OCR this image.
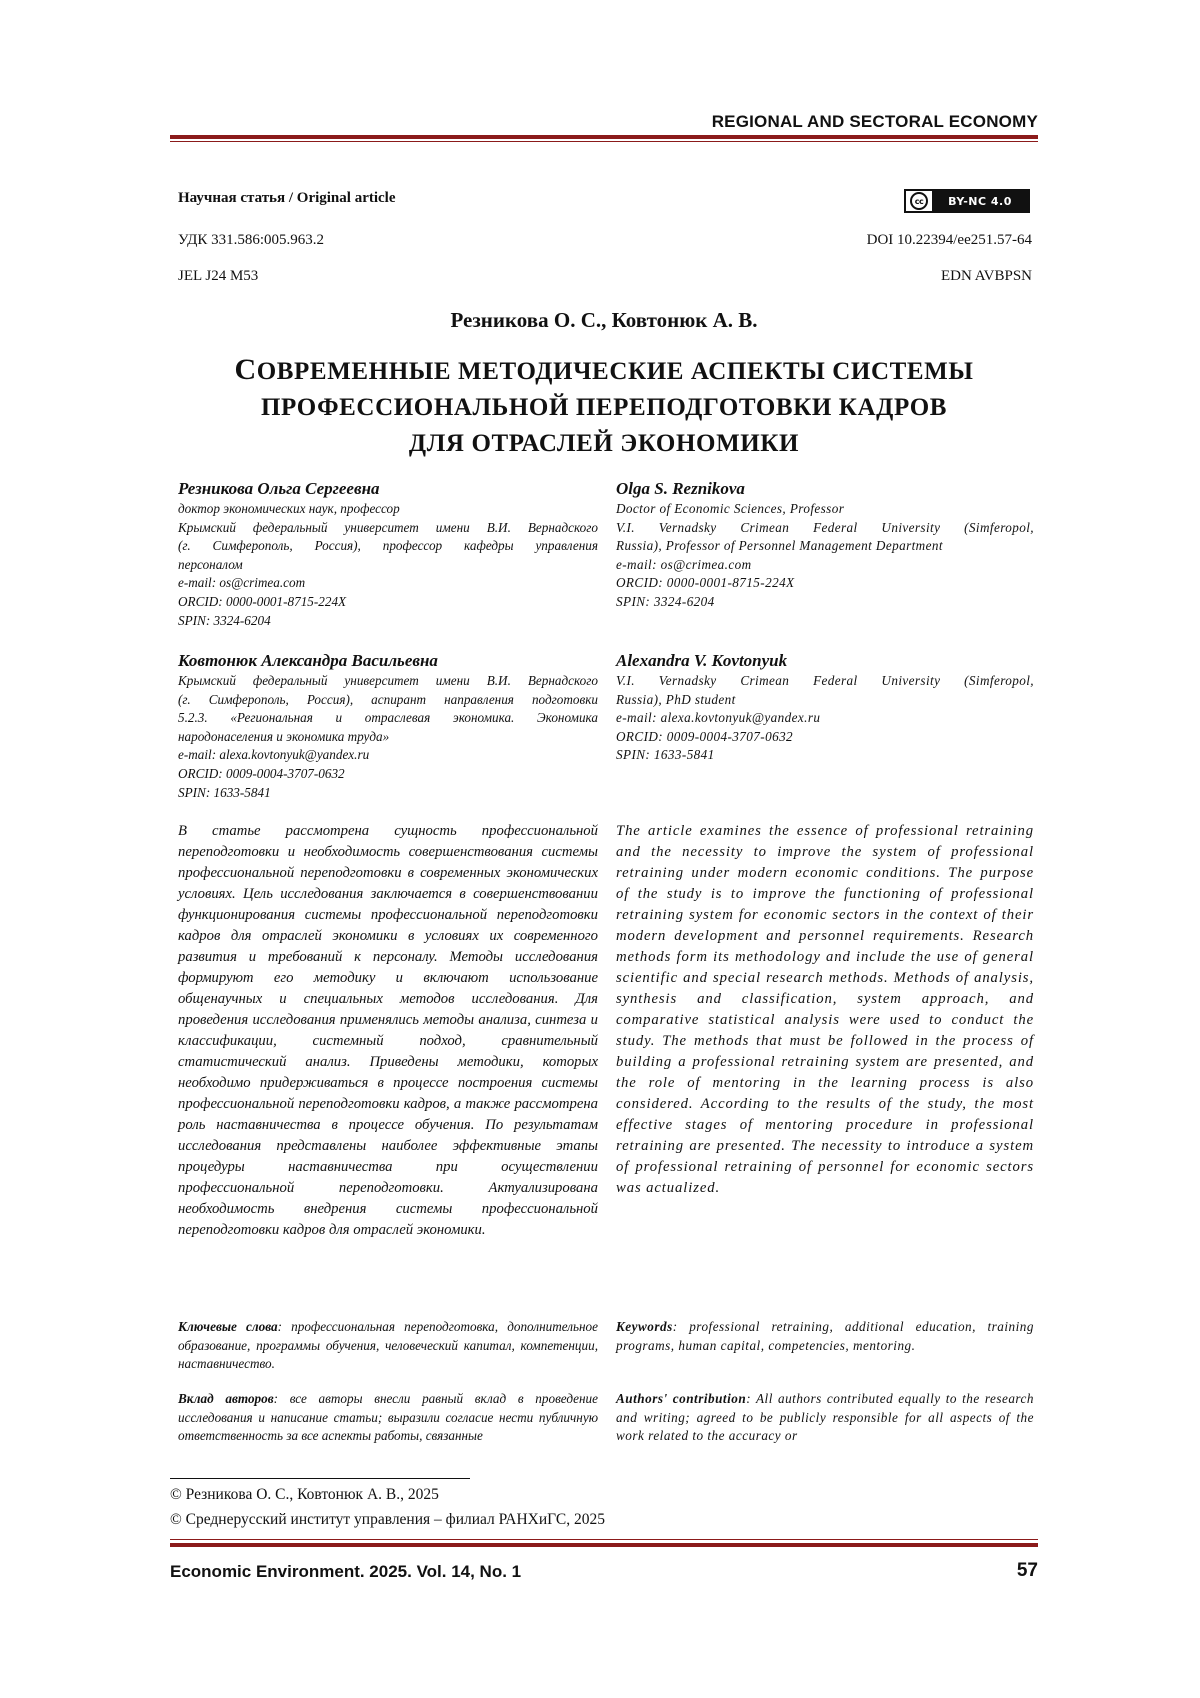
REGIONAL AND SECTORAL ECONOMY
Научная статья / Original article	cc	BY-NC 4.0
УДК 331.586:005.963.2	DOI 10.22394/ee251.57-64
JEL J24 M53	EDN AVBPSN
Резникова О. С., Ковтонюк А. В.
СОВРЕМЕННЫЕ МЕТОДИЧЕСКИЕ АСПЕКТЫ СИСТЕМЫ
ПРОФЕССИОНАЛЬНОЙ ПЕРЕПОДГОТОВКИ КАДРОВ
ДЛЯ ОТРАСЛЕЙ ЭКОНОМИКИ
Резникова Ольга Сергеевна
доктор экономических наук, профессор
Крымский федеральный университет имени В.И. Вернадского
(г. Симферополь, Россия), профессор кафедры управления
персоналом
e-mail: os@crimea.com
ORCID: 0000-0001-8715-224X
SPIN: 3324-6204
Olga S. Reznikova
Doctor of Economic Sciences, Professor
V.I. Vernadsky Crimean Federal University (Simferopol,
Russia), Professor of Personnel Management Department
e-mail: os@crimea.com
ORCID: 0000-0001-8715-224X
SPIN: 3324-6204
Ковтонюк Александра Васильевна
Крымский федеральный университет имени В.И. Вернадского
(г. Симферополь, Россия), аспирант направления подготовки
5.2.3. «Региональная и отраслевая экономика. Экономика
народонаселения и экономика труда»
e-mail: alexa.kovtonyuk@yandex.ru
ORCID: 0009-0004-3707-0632
SPIN: 1633-5841
Alexandra V. Kovtonyuk
V.I. Vernadsky Crimean Federal University (Simferopol,
Russia), PhD student
e-mail: alexa.kovtonyuk@yandex.ru
ORCID: 0009-0004-3707-0632
SPIN: 1633-5841
В статье рассмотрена сущность профессиональной переподготовки и необходимость совершенствования системы профессиональной переподготовки в современных экономических условиях. Цель исследования заключается в совершенствовании функционирования системы профессиональной переподготовки кадров для отраслей экономики в условиях их современного развития и требований к персоналу. Методы исследования формируют его методику и включают использование общенаучных и специальных методов исследования. Для проведения исследования применялись методы анализа, синтеза и классификации, системный подход, сравнительный статистический анализ. Приведены методики, которых необходимо придерживаться в процессе построения системы профессиональной переподготовки кадров, а также рассмотрена роль наставничества в процессе обучения. По результатам исследования представлены наиболее эффективные этапы процедуры наставничества при осуществлении профессиональной переподготовки. Актуализирована необходимость внедрения системы профессиональной переподготовки кадров для отраслей экономики.
The article examines the essence of professional retraining and the necessity to improve the system of professional retraining under modern economic conditions. The purpose of the study is to improve the functioning of professional retraining system for economic sectors in the context of their modern development and personnel requirements. Research methods form its methodology and include the use of general scientific and special research methods. Methods of analysis, synthesis and classification, system approach, and comparative statistical analysis were used to conduct the study. The methods that must be followed in the process of building a professional retraining system are presented, and the role of mentoring in the learning process is also considered. According to the results of the study, the most effective stages of mentoring procedure in professional retraining are presented. The necessity to introduce a system of professional retraining of personnel for economic sectors was actualized.
Ключевые слова: профессиональная переподготовка, дополнительное образование, программы обучения, человеческий капитал, компетенции, наставничество.
Keywords: professional retraining, additional education, training programs, human capital, competencies, mentoring.
Вклад авторов: все авторы внесли равный вклад в проведение исследования и написание статьи; выразили согласие нести публичную ответственность за все аспекты работы, связанные
Authors' contribution: All authors contributed equally to the research and writing; agreed to be publicly responsible for all aspects of the work related to the accuracy or
© Резникова О. С., Ковтонюк А. В., 2025
© Среднерусский институт управления – филиал РАНХиГС, 2025
Economic Environment. 2025. Vol. 14, No. 1	57
